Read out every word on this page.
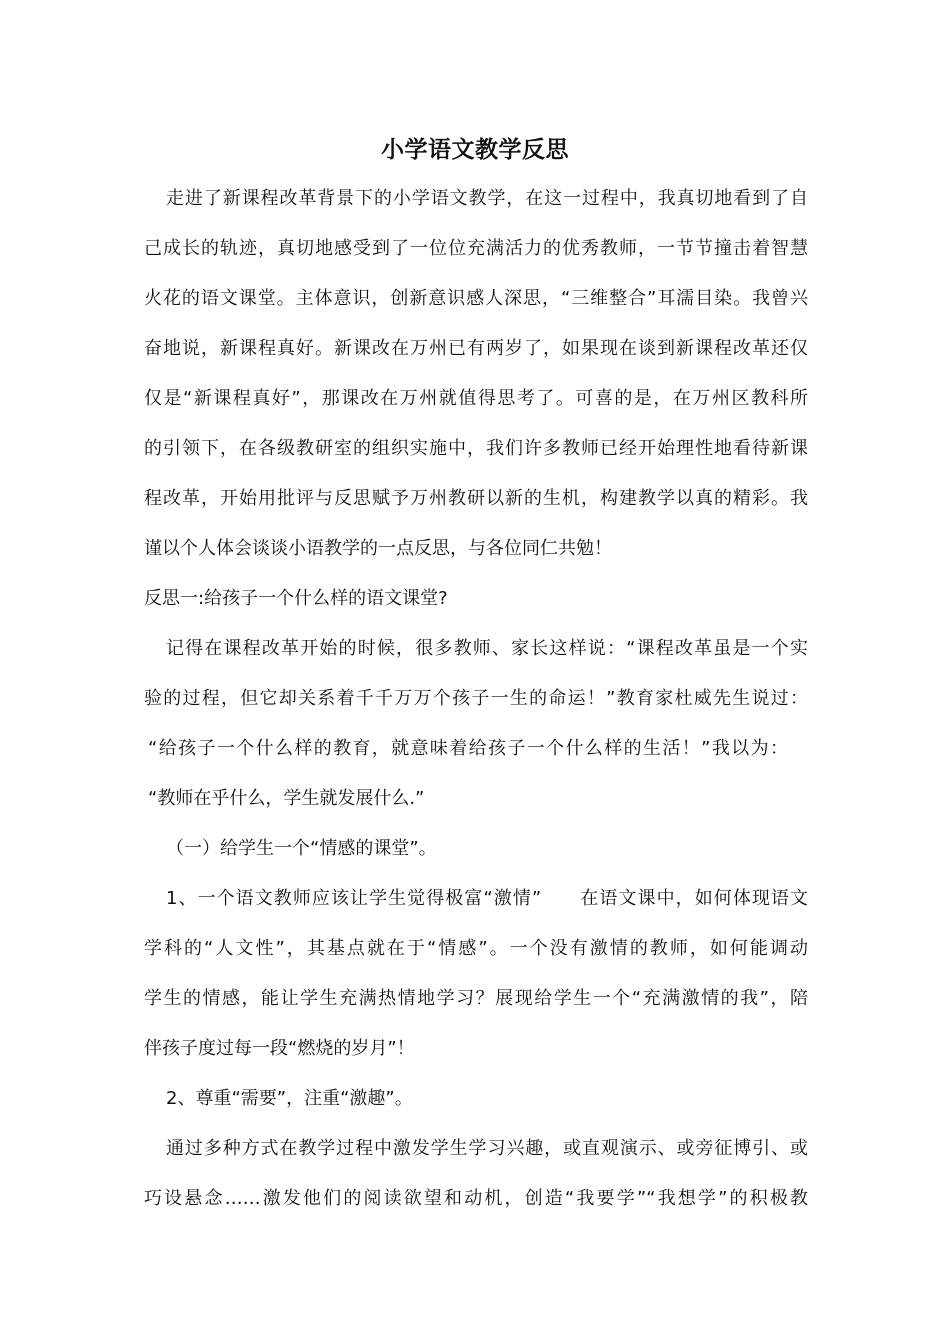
小学语文教学反思
走进了新课程改革背景下的小学语文教学，在这一过程中，我真切地看到了自
己成长的轨迹，真切地感受到了一位位充满活力的优秀教师，一节节撞击着智慧
火花的语文课堂。主体意识，创新意识感人深思，“三维整合”耳濡目染。我曾兴
奋地说，新课程真好。新课改在万州已有两岁了，如果现在谈到新课程改革还仅
仅是“新课程真好”，那课改在万州就值得思考了。可喜的是，在万州区教科所
的引领下，在各级教研室的组织实施中，我们许多教师已经开始理性地看待新课
程改革，开始用批评与反思赋予万州教研以新的生机，构建教学以真的精彩。我
谨以个人体会谈谈小语教学的一点反思，与各位同仁共勉！
反思一:给孩子一个什么样的语文课堂?
记得在课程改革开始的时候，很多教师、家长这样说：“课程改革虽是一个实
验的过程，但它却关系着千千万万个孩子一生的命运！”教育家杜威先生说过：
“给孩子一个什么样的教育，就意味着给孩子一个什么样的生活！”我以为：
“教师在乎什么，学生就发展什么.”
（一）给学生一个“情感的课堂”。
1、一个语文教师应该让学生觉得极富“激情”　　在语文课中，如何体现语文
学科的“人文性”，其基点就在于“情感”。一个没有激情的教师，如何能调动
学生的情感，能让学生充满热情地学习？展现给学生一个“充满激情的我”，陪
伴孩子度过每一段“燃烧的岁月”！
2、尊重“需要”，注重“激趣”。
通过多种方式在教学过程中激发学生学习兴趣，或直观演示、或旁征博引、或
巧设悬念……激发他们的阅读欲望和动机，创造“我要学”“我想学”的积极教
